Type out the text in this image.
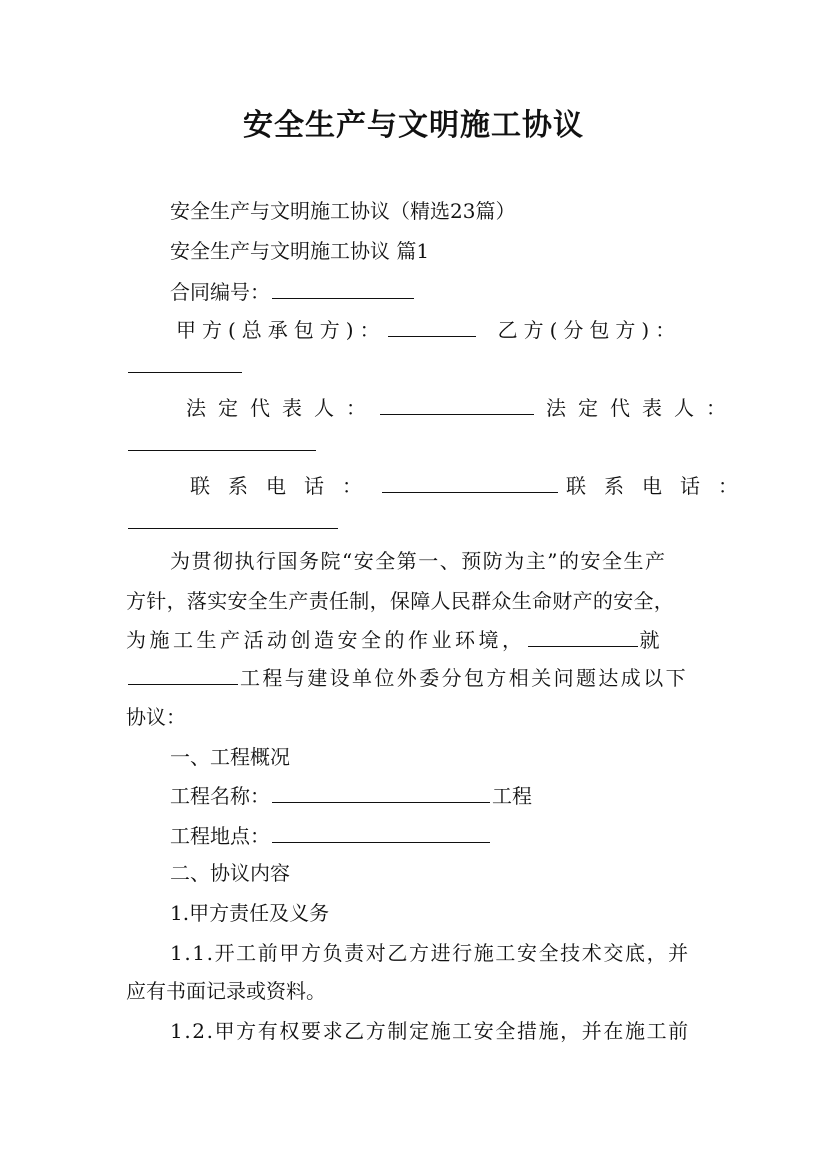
安全生产与文明施工协议
安全生产与文明施工协议（精选23篇）
安全生产与文明施工协议 篇1
合同编号：
甲方(总承包方)：	乙方(分包方)：
法定代表人：	法定代表人：
联系电话：	联系电话：
为贯彻执行国务院“安全第一、预防为主”的安全生产
方针，落实安全生产责任制，保障人民群众生命财产的安全，
为施工生产活动创造安全的作业环境，	就
工程与建设单位外委分包方相关问题达成以下
协议：
一、工程概况
工程名称：	工程
工程地点：
二、协议内容
1.甲方责任及义务
1.1.开工前甲方负责对乙方进行施工安全技术交底，并
应有书面记录或资料。
1.2.甲方有权要求乙方制定施工安全措施，并在施工前
